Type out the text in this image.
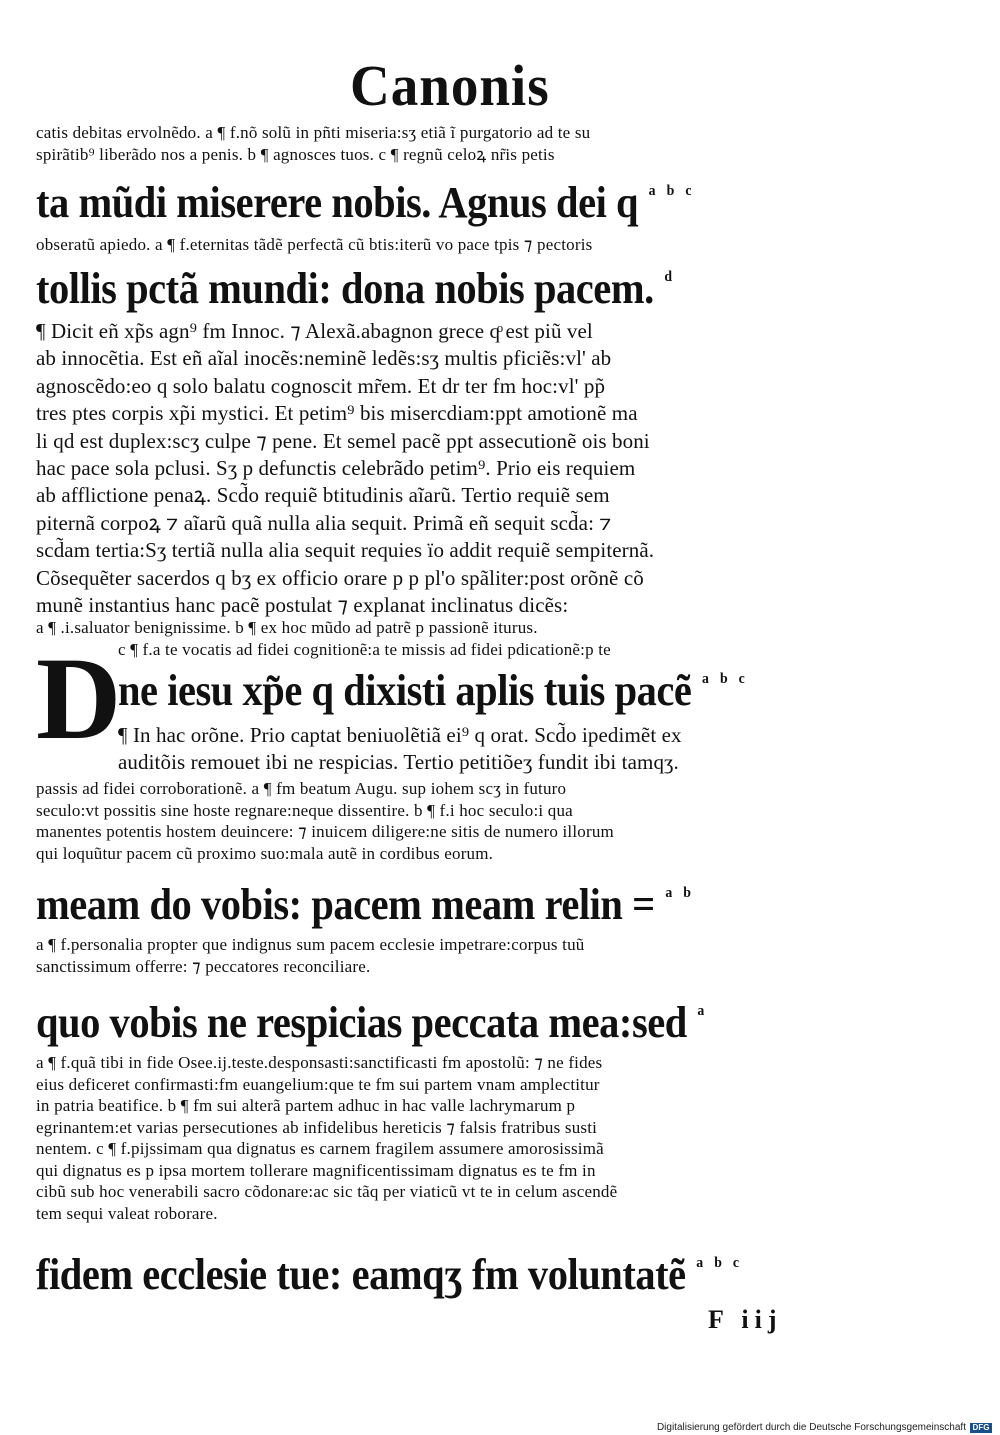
Canonis
catis debitas ervolnẽdo. a ¶ f.nõ solũ in pñti miseria:sʒ etiã ĩ purgatorio ad te su
spirãtib⁹ liberãdo nos a penis. b ¶ agnosces tuos. c ¶ regnũ celoꝝ nr̃is petis
ta mũdi miserere nobis. Agnus dei q $^a$ $^b$ $^c$
obseratũ apiedo. a ¶ f.eternitas tãdẽ perfectã cũ btis:iterũ vo pace tpis ⁊ pectoris
tollis pctã mundi: dona nobis pacem. $^d$
¶ Dicit eñ xp̃s agn⁹ fm Innoc. ⁊ Alexã.abagnon grece qͦ est piũ vel
ab innocẽtia. Est eñ aĩal inocẽs:neminẽ ledẽs:sʒ multis pficiẽs:vl' ab
agnoscẽdo:eo q solo balatu cognoscit mr̃em. Et dr ter fm hoc:vl' pp̃
tres ptes corpis xp̃i mystici. Et petim⁹ bis misercdiam:ppt amotionẽ ma
li qd est duplex:scʒ culpe ⁊ pene. Et semel pacẽ ppt assecutionẽ ois boni
hac pace sola pclusi. Sʒ p defunctis celebrãdo petim⁹. Prio eis requiem
ab afflictione penaꝝ. Scd̃o requiẽ btitudinis aĩarũ. Tertio requiẽ sem
piternã corpoꝝ ⁊ aĩarũ quã nulla alia sequit. Primã eñ sequit scd̃a: ⁊
scd̃am tertia:Sʒ tertiã nulla alia sequit requies ïo addit requiẽ sempiternã.
Cõsequẽter sacerdos q bʒ ex officio orare p p pl'o spãliter:post orõnẽ cõ
munẽ instantius hanc pacẽ postulat ⁊ explanat inclinatus dicẽs:
a ¶ .i.saluator benignissime. b ¶ ex hoc mũdo ad patrẽ p passionẽ iturus.
c ¶ f.a te vocatis ad fidei cognitionẽ:a te missis ad fidei pdicationẽ:p te
D
ne iesu xp̃e q dixisti aplis tuis pacẽ $^a$ $^b$ $^c$
¶ In hac orõne. Prio captat beniuolẽtiã ei⁹ q orat. Scd̃o ipedimẽt ex
auditõis remouet ibi ne respicias. Tertio petitiõeʒ fundit ibi tamqʒ.
passis ad fidei corroborationẽ. a ¶ fm beatum Augu. sup iohem scʒ in futuro
seculo:vt possitis sine hoste regnare:neque dissentire. b ¶ f.i hoc seculo:i qua
manentes potentis hostem deuincere: ⁊ inuicem diligere:ne sitis de numero illorum
qui loquũtur pacem cũ proximo suo:mala autẽ in cordibus eorum.
meam do vobis: pacem meam relin = $^a$ $^b$
a ¶ f.personalia propter que indignus sum pacem ecclesie impetrare:corpus tuũ
sanctissimum offerre: ⁊ peccatores reconciliare.
quo vobis ne respicias peccata mea:sed $^a$
a ¶ f.quã tibi in fide Osee.ij.teste.desponsasti:sanctificasti fm apostolũ: ⁊ ne fides
eius deficeret confirmasti:fm euangelium:que te fm sui partem vnam amplectitur
in patria beatifice. b ¶ fm sui alterã partem adhuc in hac valle lachrymarum p
egrinantem:et varias persecutiones ab infidelibus hereticis ⁊ falsis fratribus susti
nentem. c ¶ f.pijssimam qua dignatus es carnem fragilem assumere amorosissimã
qui dignatus es p ipsa mortem tollerare magnificentissimam dignatus es te fm in
cibũ sub hoc venerabili sacro cõdonare:ac sic tãq per viaticũ vt te in celum ascendẽ
tem sequi valeat roborare.
fidem ecclesie tue: eamqʒ fm voluntatẽ $^a$ $^b$ $^c$
F iij
Digitalisierung gefördert durch die Deutsche Forschungsgemeinschaft DFG
